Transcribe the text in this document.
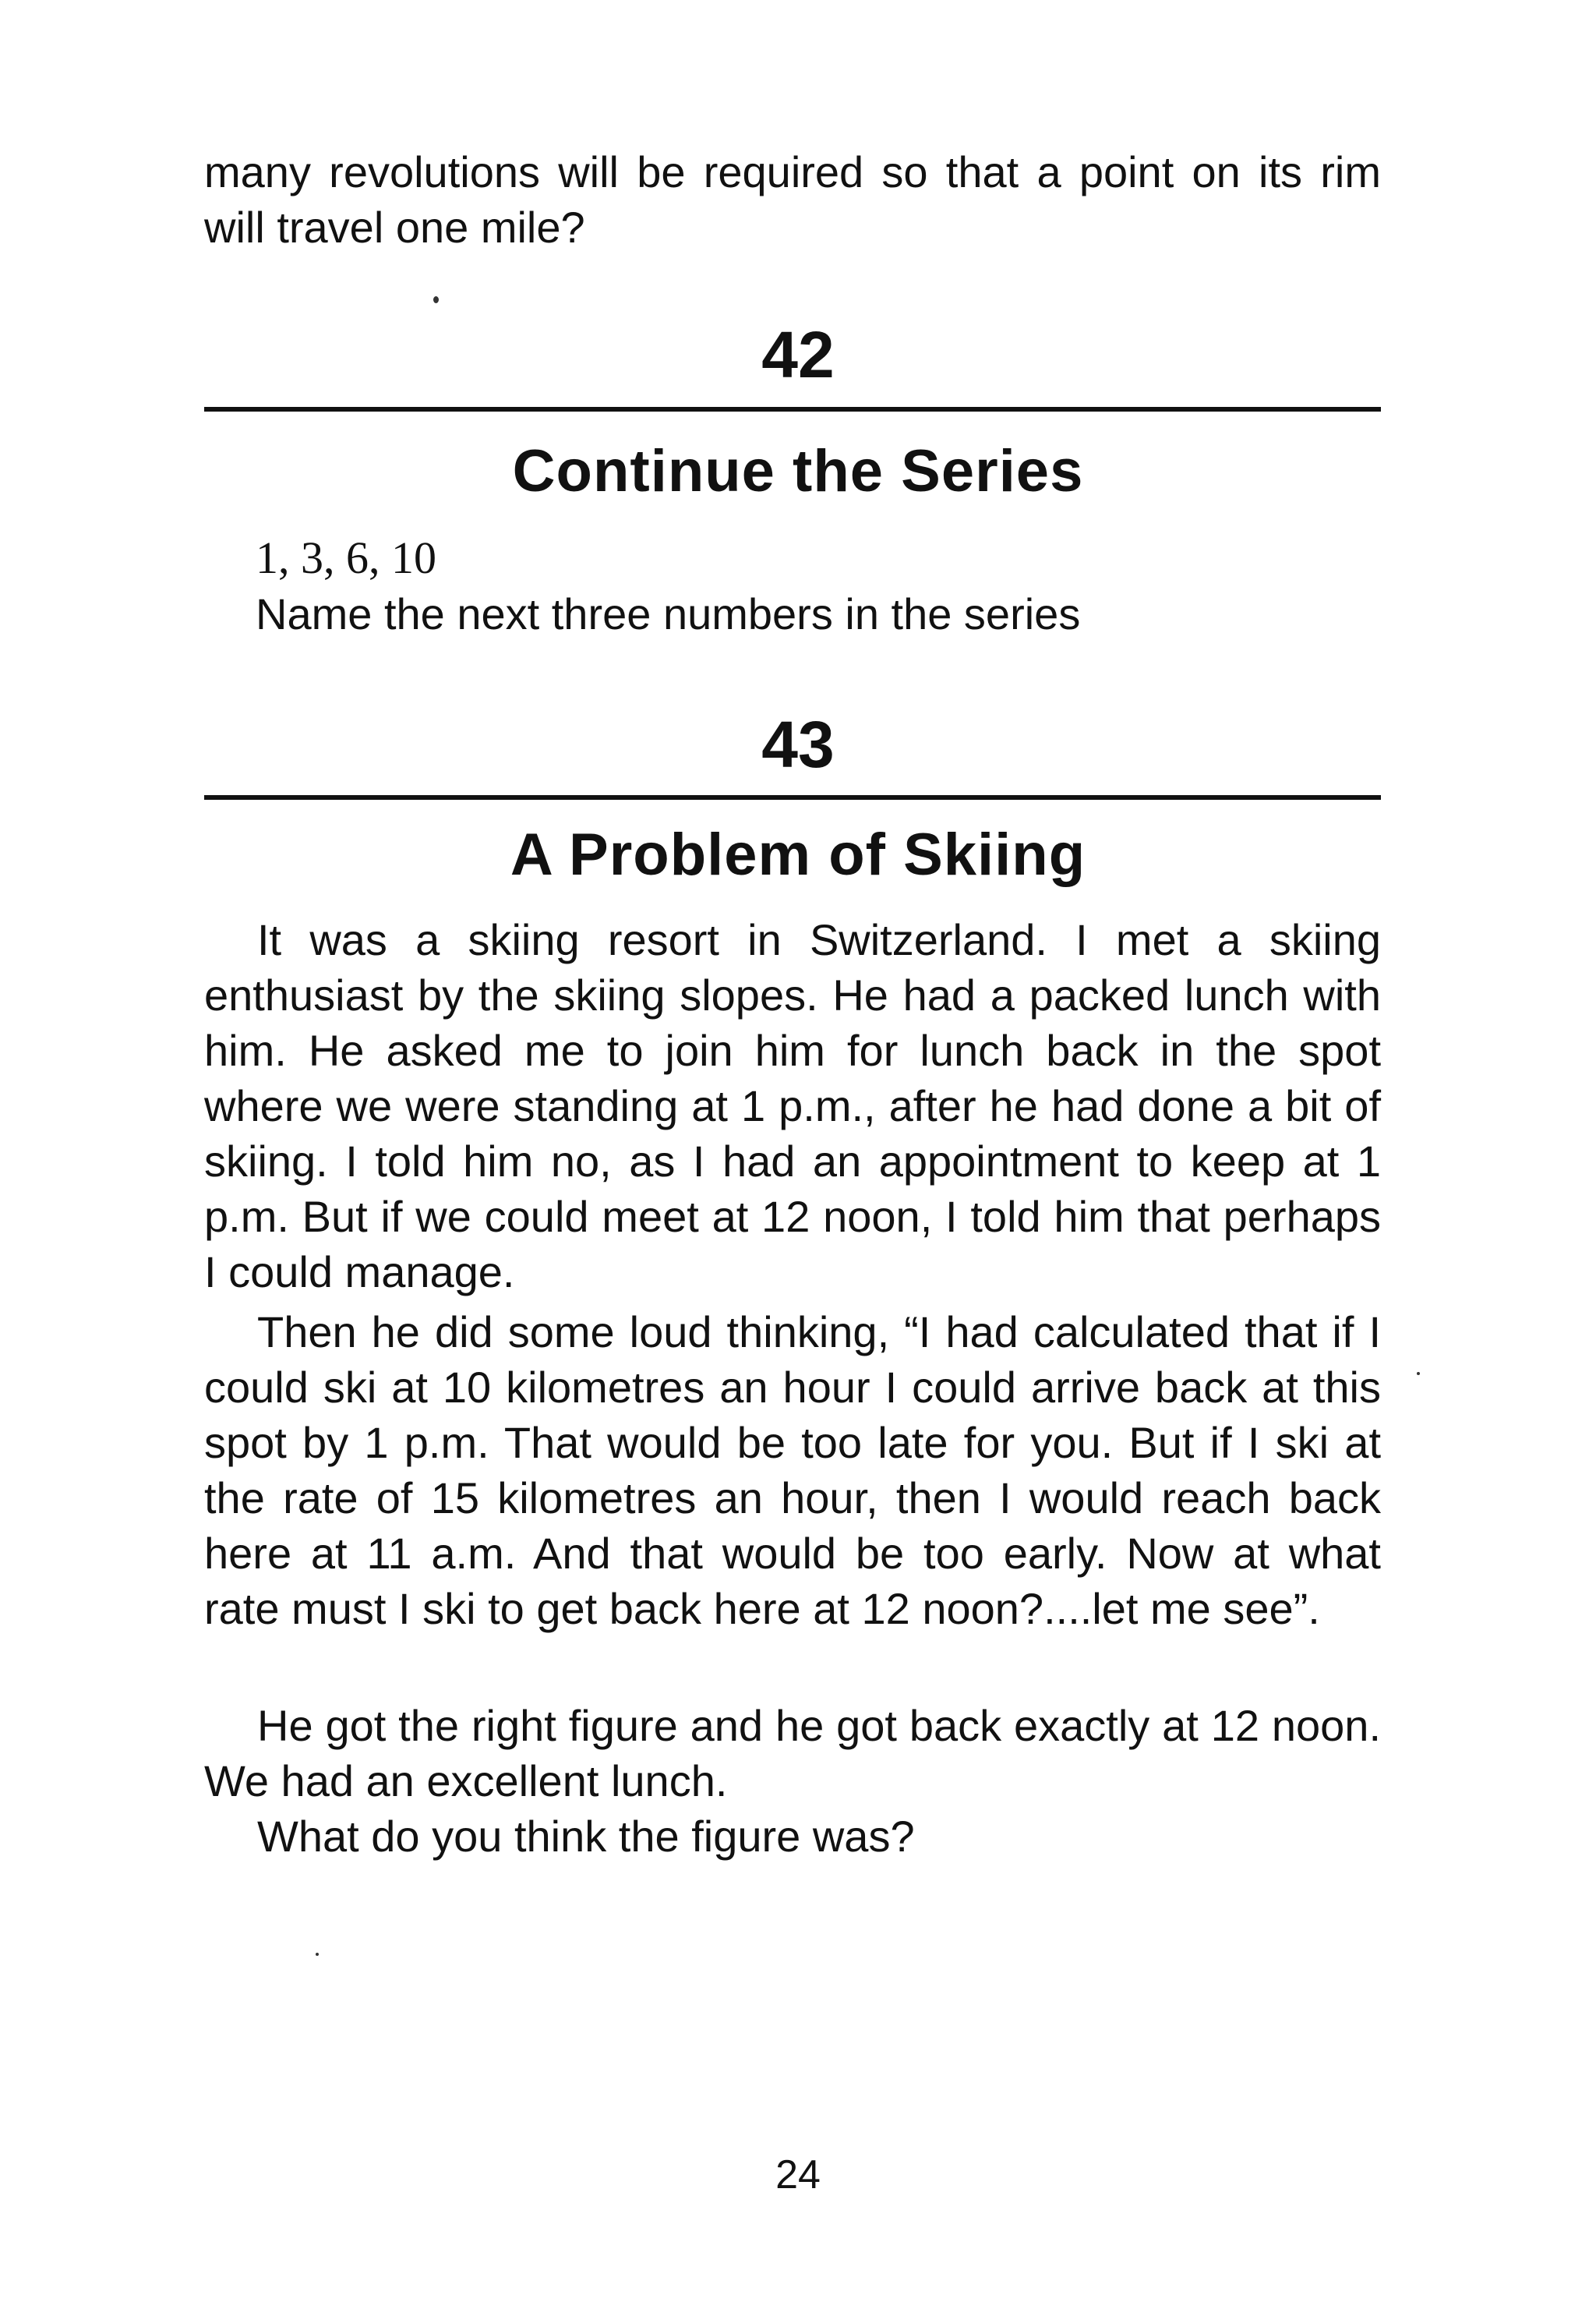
many revolutions will be required so that a point on its rim will travel one mile?

42

Continue the Series

1, 3, 6, 10

Name the next three numbers in the series

43

A Problem of Skiing

It was a skiing resort in Switzerland. I met a skiing enthusiast by the skiing slopes. He had a packed lunch with him. He asked me to join him for lunch back in the spot where we were standing at 1 p.m., after he had done a bit of skiing. I told him no, as I had an appointment to keep at 1 p.m. But if we could meet at 12 noon, I told him that perhaps I could manage.

Then he did some loud thinking, “I had calculated that if I could ski at 10 kilometres an hour I could arrive back at this spot by 1 p.m. That would be too late for you. But if I ski at the rate of 15 kilometres an hour, then I would reach back here at 11 a.m. And that would be too early. Now at what rate must I ski to get back here at 12 noon?....let me see”.

He got the right figure and he got back exactly at 12 noon. We had an excellent lunch.

What do you think the figure was?

24
